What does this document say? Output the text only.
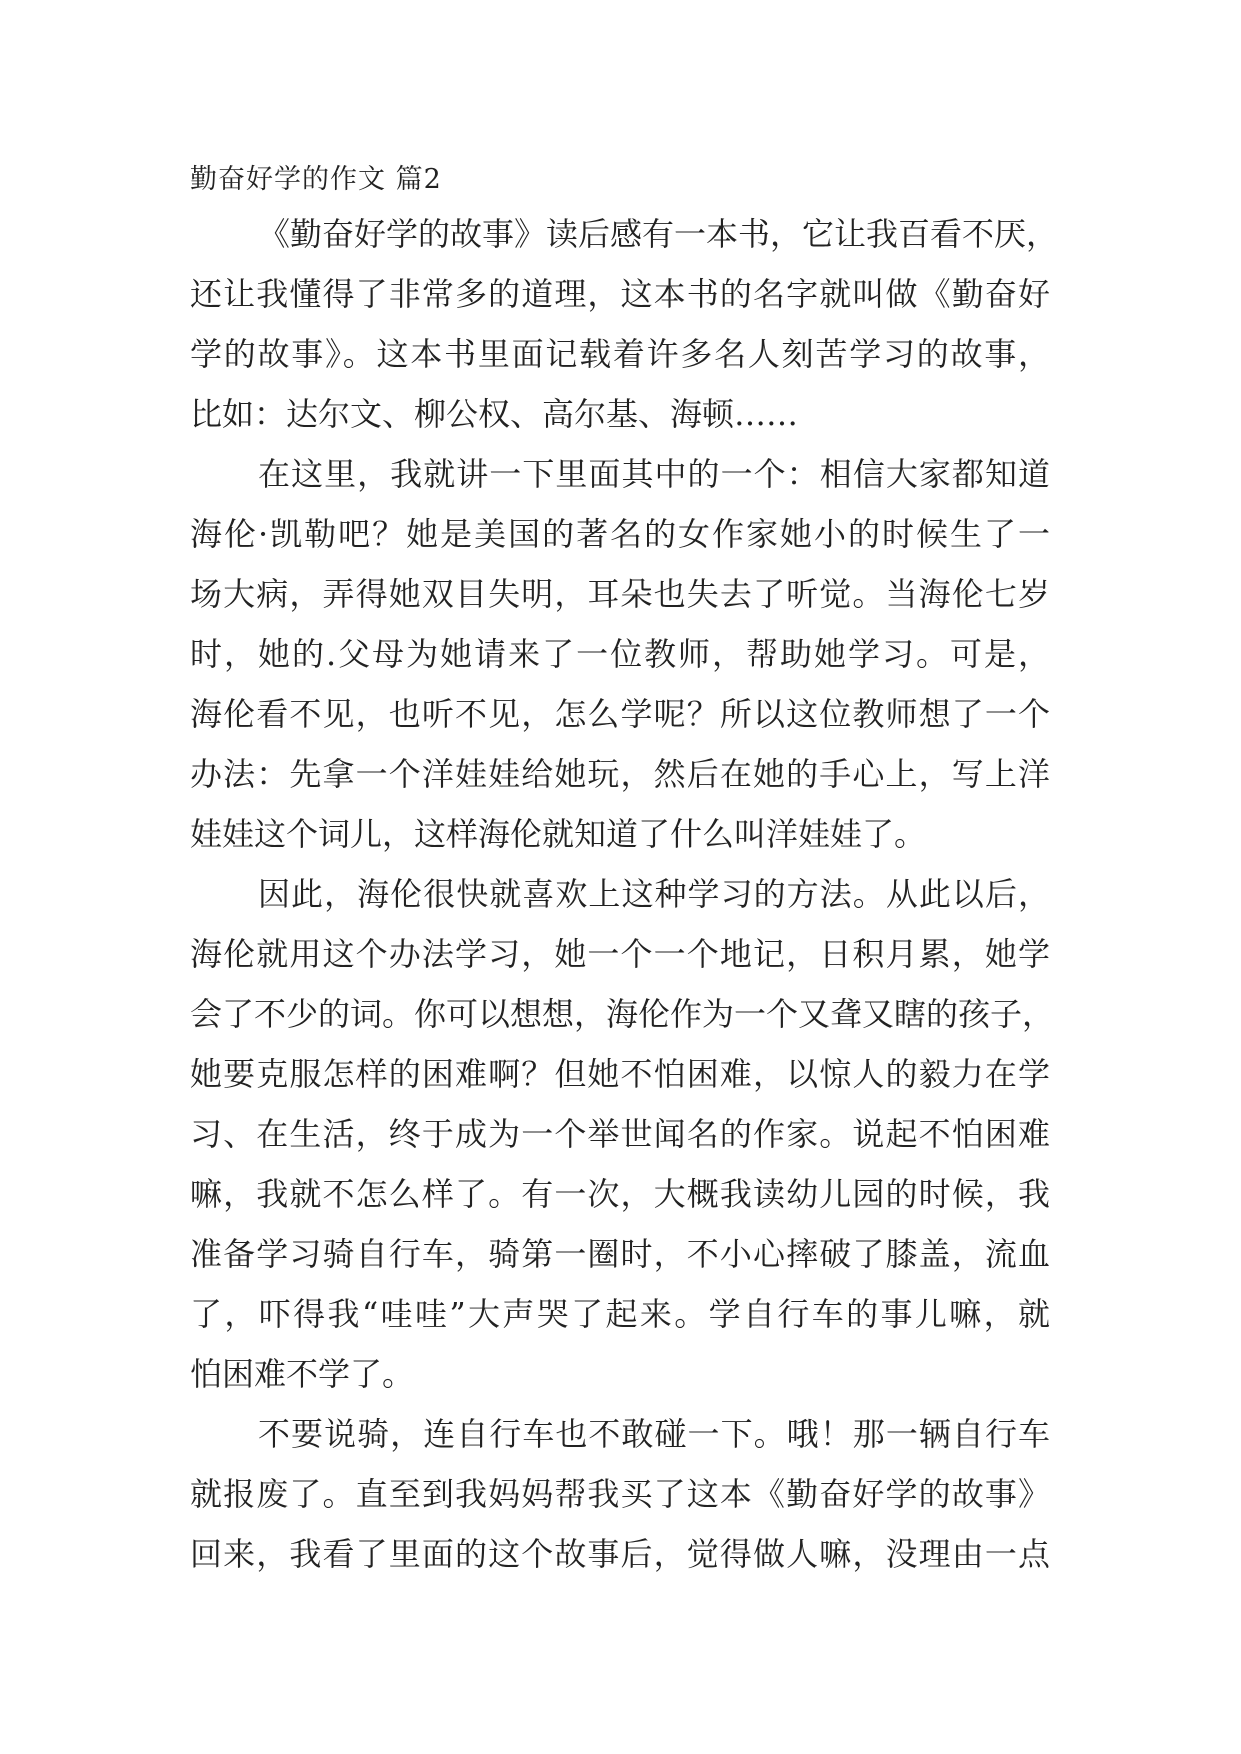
勤奋好学的作文 篇2
《勤奋好学的故事》读后感有一本书，它让我百看不厌，
还让我懂得了非常多的道理，这本书的名字就叫做《勤奋好
学的故事》。这本书里面记载着许多名人刻苦学习的故事，
比如：达尔文、柳公权、高尔基、海顿……
在这里，我就讲一下里面其中的一个：相信大家都知道
海伦·凯勒吧？她是美国的著名的女作家她小的时候生了一
场大病，弄得她双目失明，耳朵也失去了听觉。当海伦七岁
时，她的.父母为她请来了一位教师，帮助她学习。可是，
海伦看不见，也听不见，怎么学呢？所以这位教师想了一个
办法：先拿一个洋娃娃给她玩，然后在她的手心上，写上洋
娃娃这个词儿，这样海伦就知道了什么叫洋娃娃了。
因此，海伦很快就喜欢上这种学习的方法。从此以后，
海伦就用这个办法学习，她一个一个地记，日积月累，她学
会了不少的词。你可以想想，海伦作为一个又聋又瞎的孩子，
她要克服怎样的困难啊？但她不怕困难，以惊人的毅力在学
习、在生活，终于成为一个举世闻名的作家。说起不怕困难
嘛，我就不怎么样了。有一次，大概我读幼儿园的时候，我
准备学习骑自行车，骑第一圈时，不小心摔破了膝盖，流血
了，吓得我“哇哇”大声哭了起来。学自行车的事儿嘛，就
怕困难不学了。
不要说骑，连自行车也不敢碰一下。哦！那一辆自行车
就报废了。直至到我妈妈帮我买了这本《勤奋好学的故事》
回来，我看了里面的这个故事后，觉得做人嘛，没理由一点
